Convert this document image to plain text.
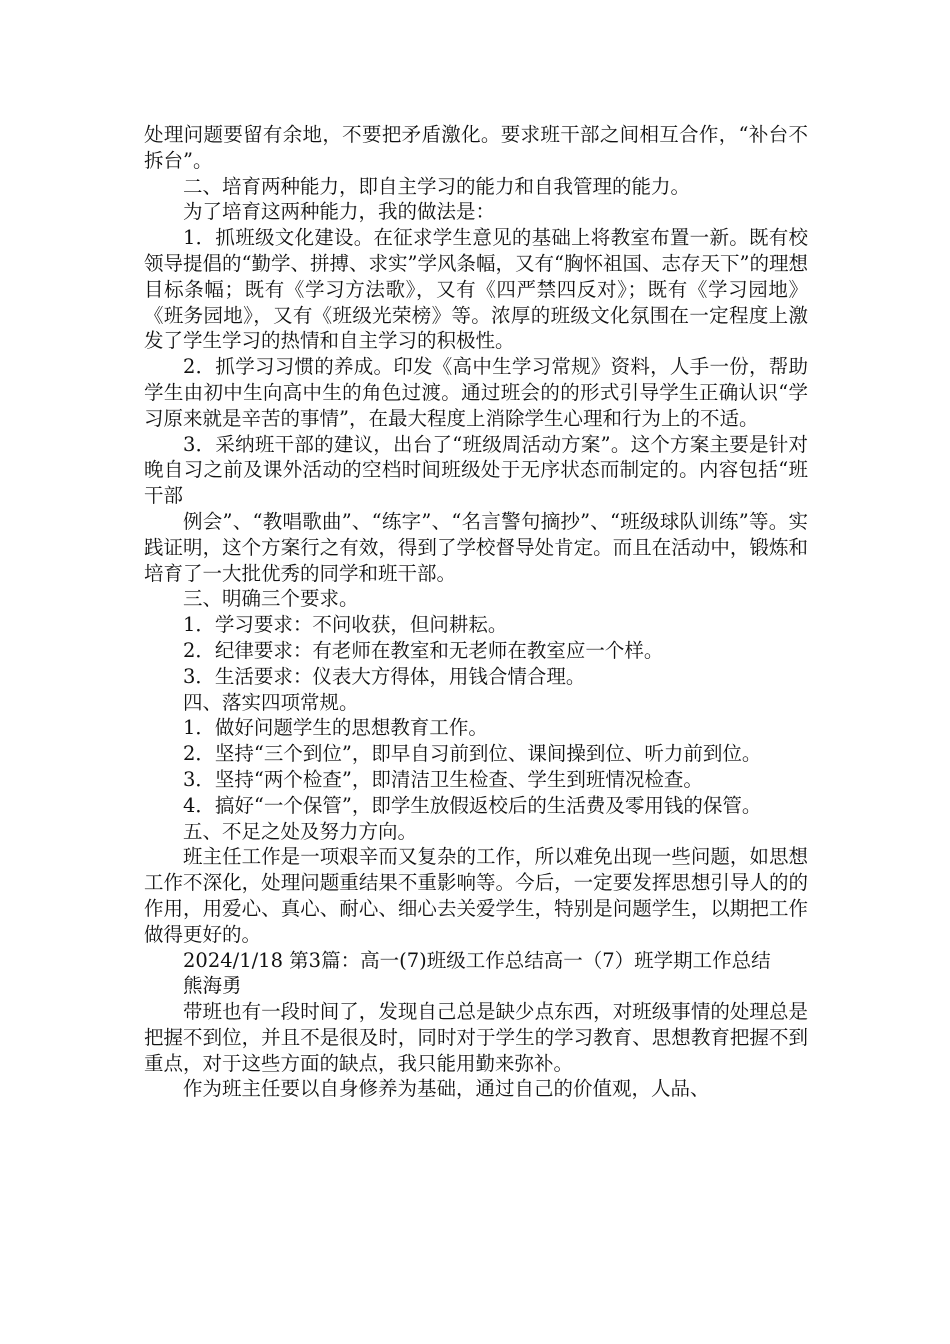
处理问题要留有余地，不要把矛盾激化。要求班干部之间相互合作，“补台不拆台”。

二、培育两种能力，即自主学习的能力和自我管理的能力。

为了培育这两种能力，我的做法是：

1．抓班级文化建设。在征求学生意见的基础上将教室布置一新。既有校领导提倡的“勤学、拼搏、求实”学风条幅，又有“胸怀祖国、志存天下”的理想目标条幅；既有《学习方法歌》，又有《四严禁四反对》；既有《学习园地》《班务园地》，又有《班级光荣榜》等。浓厚的班级文化氛围在一定程度上激发了学生学习的热情和自主学习的积极性。

2．抓学习习惯的养成。印发《高中生学习常规》资料，人手一份，帮助学生由初中生向高中生的角色过渡。通过班会的的形式引导学生正确认识“学习原来就是辛苦的事情”，在最大程度上消除学生心理和行为上的不适。

3．采纳班干部的建议，出台了“班级周活动方案”。这个方案主要是针对晚自习之前及课外活动的空档时间班级处于无序状态而制定的。内容包括“班干部

例会”、“教唱歌曲”、“练字”、“名言警句摘抄”、“班级球队训练”等。实践证明，这个方案行之有效，得到了学校督导处肯定。而且在活动中，锻炼和培育了一大批优秀的同学和班干部。

三、明确三个要求。

1．学习要求：不问收获，但问耕耘。

2．纪律要求：有老师在教室和无老师在教室应一个样。

3．生活要求：仪表大方得体，用钱合情合理。

四、落实四项常规。

1．做好问题学生的思想教育工作。

2．坚持“三个到位”，即早自习前到位、课间操到位、听力前到位。

3．坚持“两个检查”，即清洁卫生检查、学生到班情况检查。

4．搞好“一个保管”，即学生放假返校后的生活费及零用钱的保管。

五、不足之处及努力方向。

班主任工作是一项艰辛而又复杂的工作，所以难免出现一些问题，如思想工作不深化，处理问题重结果不重影响等。今后，一定要发挥思想引导人的的作用，用爱心、真心、耐心、细心去关爱学生，特别是问题学生，以期把工作做得更好的。

2024/1/18 第3篇：高一(7)班级工作总结高一（7）班学期工作总结

熊海勇

带班也有一段时间了，发现自己总是缺少点东西，对班级事情的处理总是把握不到位，并且不是很及时，同时对于学生的学习教育、思想教育把握不到重点，对于这些方面的缺点，我只能用勤来弥补。

作为班主任要以自身修养为基础，通过自己的价值观，人品、
